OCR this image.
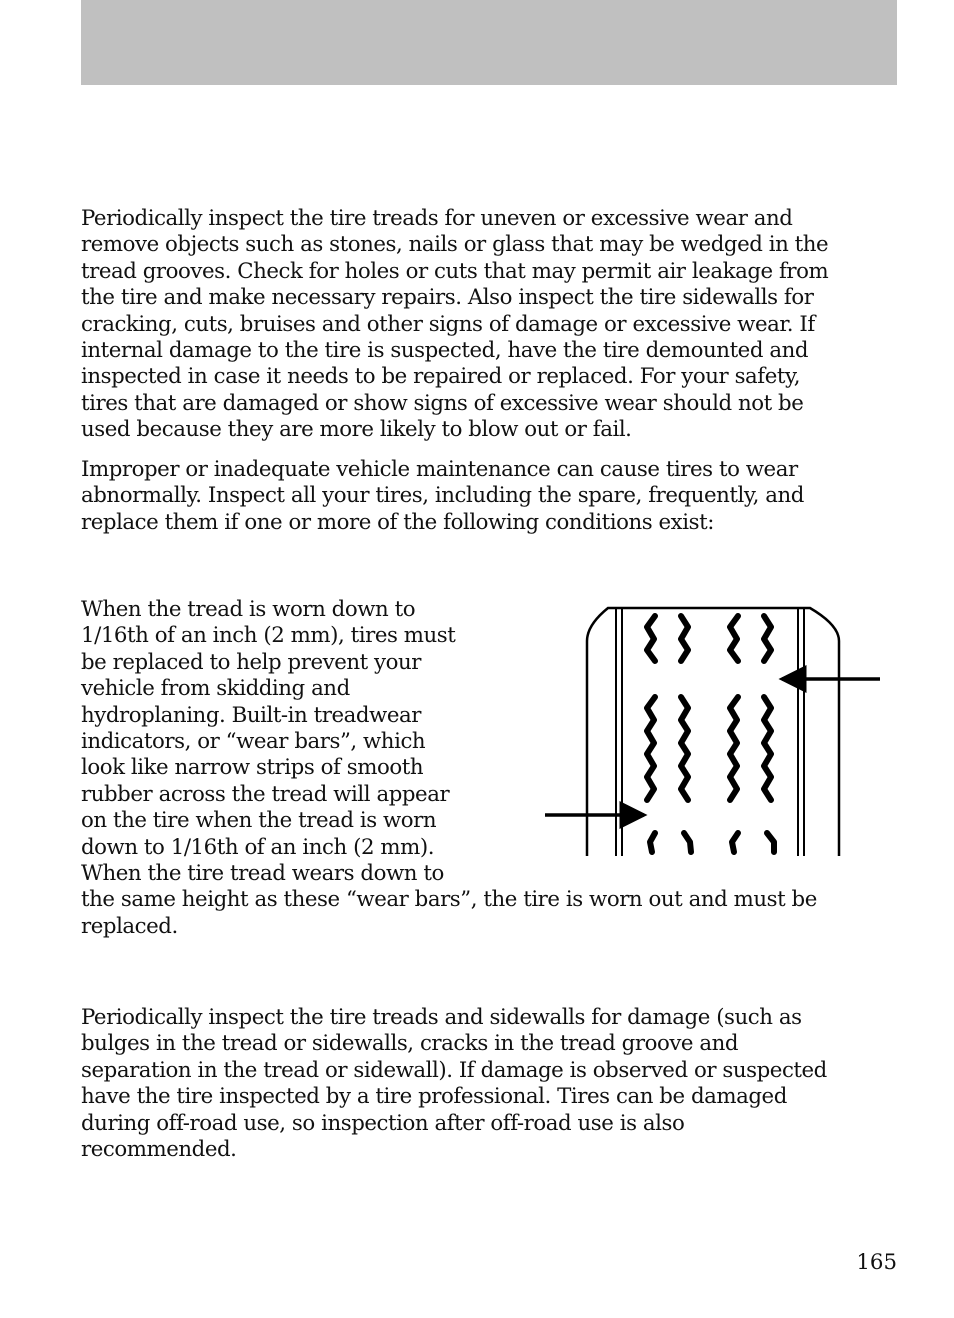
Periodically inspect the tire treads for uneven or excessive wear and
remove objects such as stones, nails or glass that may be wedged in the
tread grooves. Check for holes or cuts that may permit air leakage from
the tire and make necessary repairs. Also inspect the tire sidewalls for
cracking, cuts, bruises and other signs of damage or excessive wear. If
internal damage to the tire is suspected, have the tire demounted and
inspected in case it needs to be repaired or replaced. For your safety,
tires that are damaged or show signs of excessive wear should not be
used because they are more likely to blow out or fail.

Improper or inadequate vehicle maintenance can cause tires to wear
abnormally. Inspect all your tires, including the spare, frequently, and
replace them if one or more of the following conditions exist:

When the tread is worn down to
1/16th of an inch (2 mm), tires must
be replaced to help prevent your
vehicle from skidding and
hydroplaning. Built-in treadwear
indicators, or “wear bars”, which
look like narrow strips of smooth
rubber across the tread will appear
on the tire when the tread is worn
down to 1/16th of an inch (2 mm).
When the tire tread wears down to
the same height as these “wear bars”, the tire is worn out and must be
replaced.

Periodically inspect the tire treads and sidewalls for damage (such as
bulges in the tread or sidewalls, cracks in the tread groove and
separation in the tread or sidewall). If damage is observed or suspected
have the tire inspected by a tire professional. Tires can be damaged
during off-road use, so inspection after off-road use is also
recommended.

165
